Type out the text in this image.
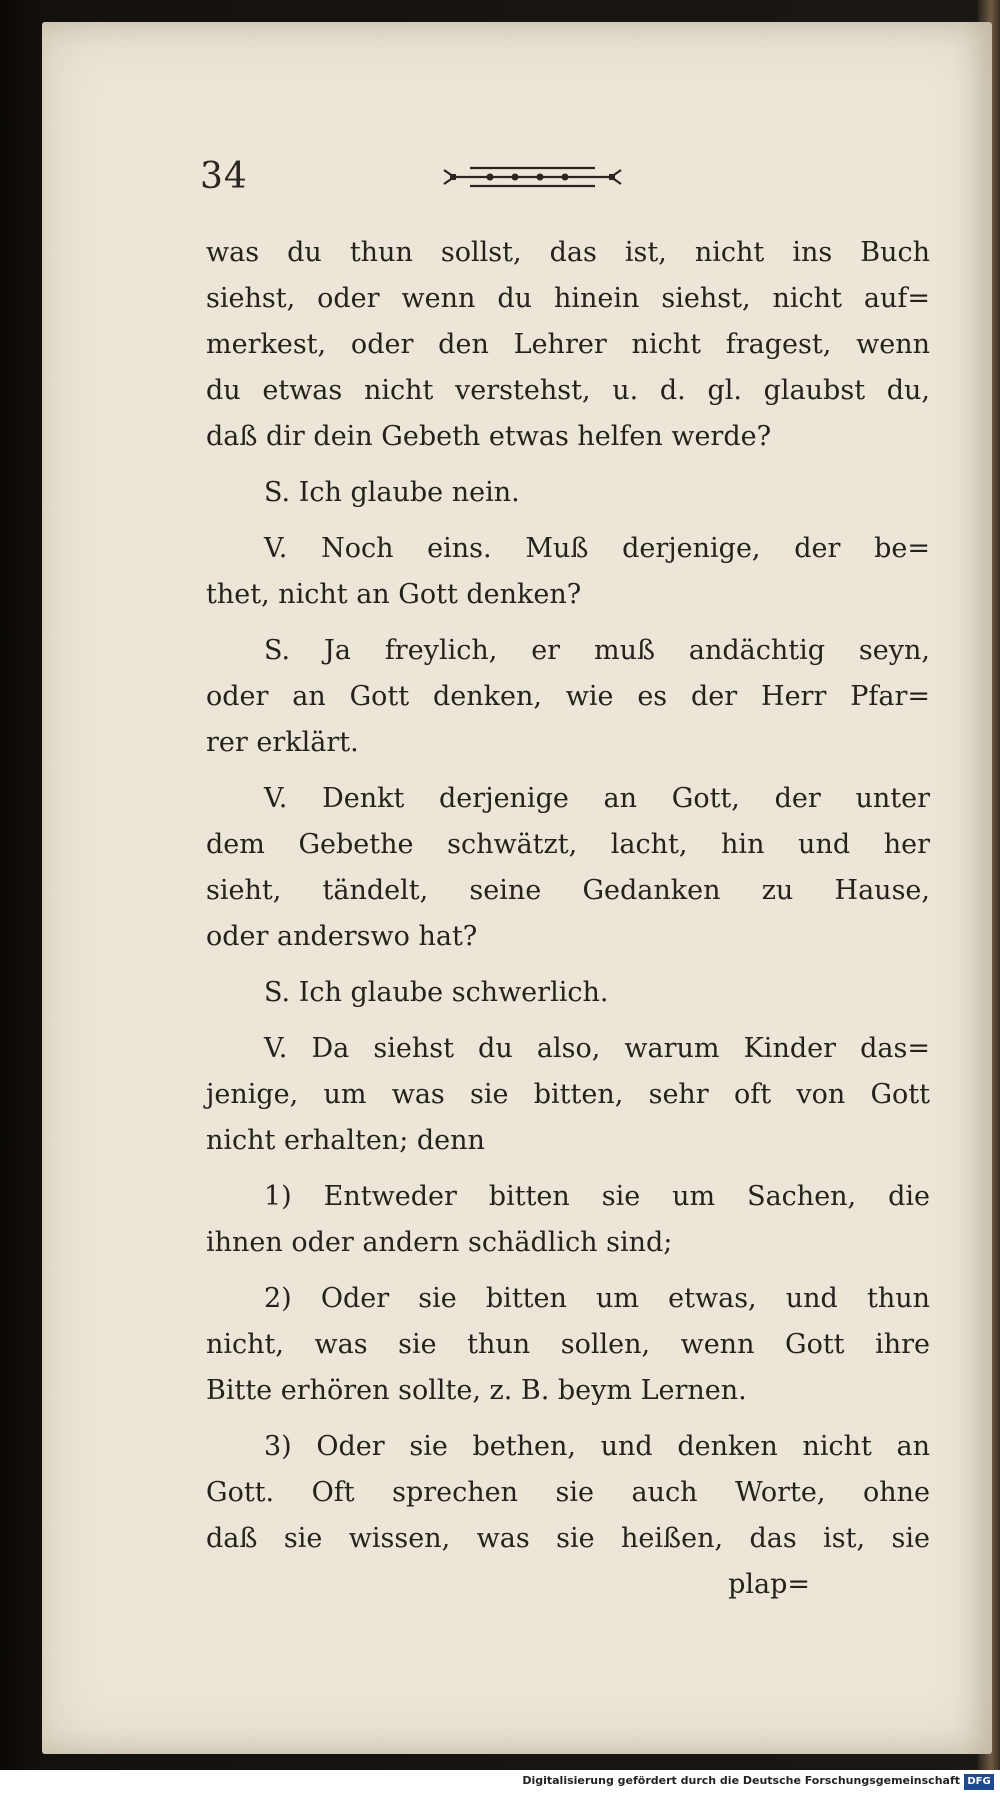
34
was du thun sollst, das ist, nicht ins Buch
siehst, oder wenn du hinein siehst, nicht auf=
merkest, oder den Lehrer nicht fragest, wenn
du etwas nicht verstehst, u. d. gl. glaubst du,
daß dir dein Gebeth etwas helfen werde?
S. Ich glaube nein.
V. Noch eins. Muß derjenige, der be=
thet, nicht an Gott denken?
S. Ja freylich, er muß andächtig seyn,
oder an Gott denken, wie es der Herr Pfar=
rer erklärt.
V. Denkt derjenige an Gott, der unter
dem Gebethe schwätzt, lacht, hin und her
sieht, tändelt, seine Gedanken zu Hause,
oder anderswo hat?
S. Ich glaube schwerlich.
V. Da siehst du also, warum Kinder das=
jenige, um was sie bitten, sehr oft von Gott
nicht erhalten; denn
1) Entweder bitten sie um Sachen, die
ihnen oder andern schädlich sind;
2) Oder sie bitten um etwas, und thun
nicht, was sie thun sollen, wenn Gott ihre
Bitte erhören sollte, z. B. beym Lernen.
3) Oder sie bethen, und denken nicht an
Gott. Oft sprechen sie auch Worte, ohne
daß sie wissen, was sie heißen, das ist, sie
plap=
Digitalisierung gefördert durch die Deutsche Forschungsgemeinschaft DFG
